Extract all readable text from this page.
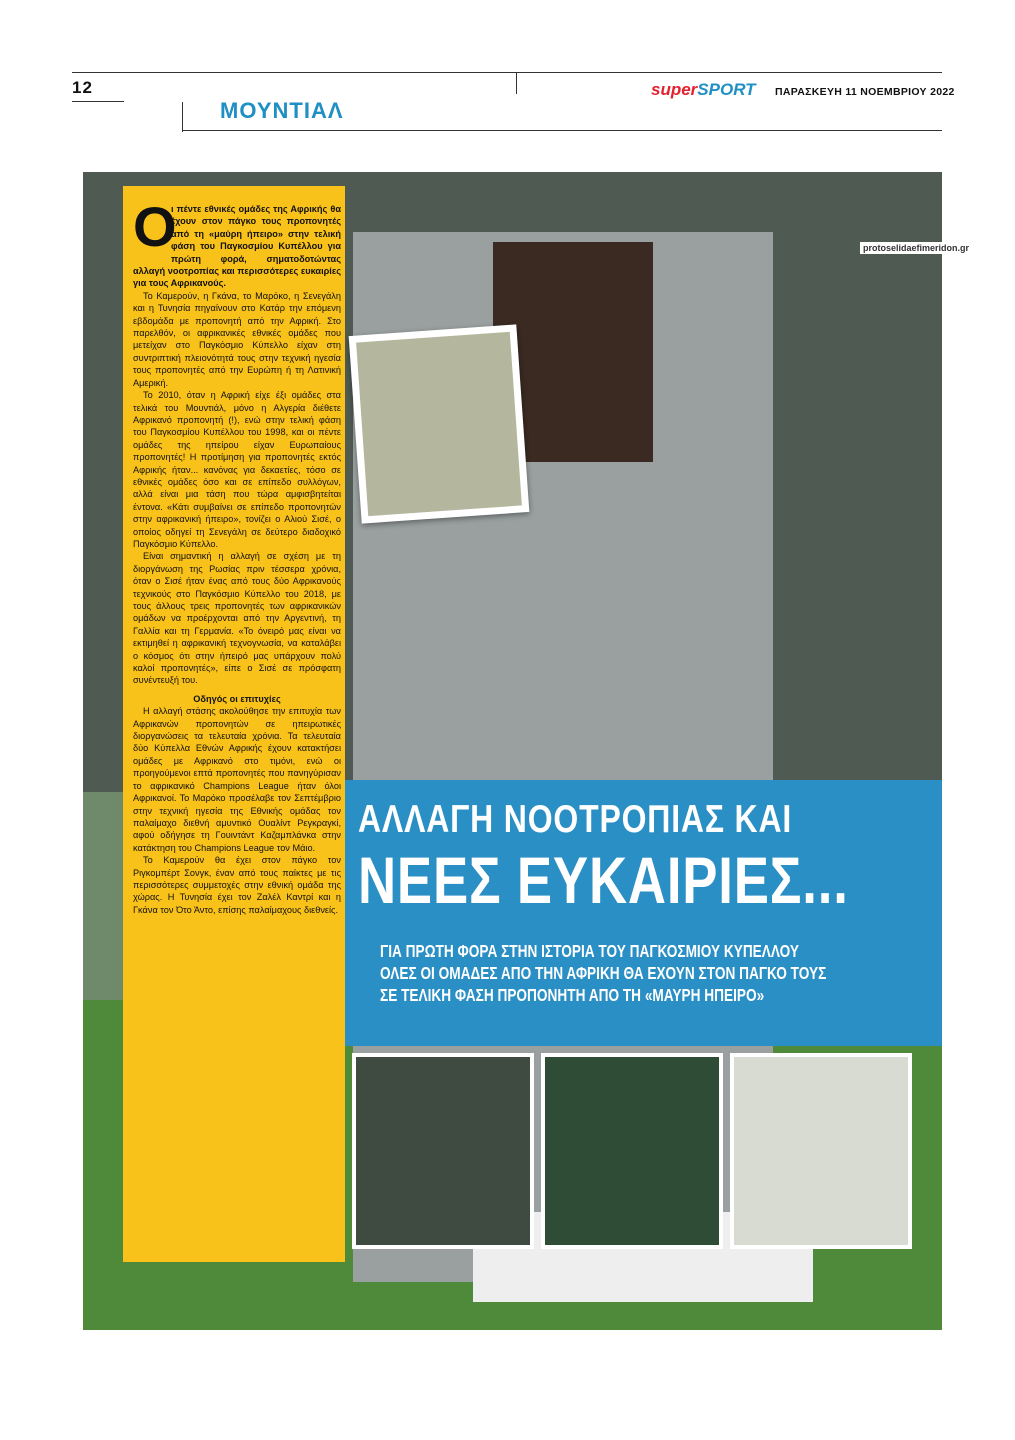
12	superSPORT ΠΑΡΑΣΚΕΥΗ 11 ΝΟΕΜΒΡΙΟΥ 2022
ΜΟΥΝΤΙΑΛ
protoselidaefimeridon.gr
Ο

ι πέντε εθνικές ομάδες της Αφρικής θα έχουν στον πάγκο τους προπονητές από τη «μαύρη ήπειρο» στην τελική φάση του Παγκοσμίου Κυπέλλου για πρώτη φορά, σηματοδοτώντας αλλαγή νοοτροπίας και περισσότερες ευκαιρίες για τους Αφρικανούς.

Το Καμερούν, η Γκάνα, το Μαρόκο, η Σενεγάλη και η Τυνησία πηγαίνουν στο Κατάρ την επόμενη εβδομάδα με προπονητή από την Αφρική. Στο παρελθόν, οι αφρικανικές εθνικές ομάδες που μετείχαν στο Παγκόσμιο Κύπελλο είχαν στη συντριπτική πλειονότητά τους στην τεχνική ηγεσία τους προπονητές από την Ευρώπη ή τη Λατινική Αμερική.

Το 2010, όταν η Αφρική είχε έξι ομάδες στα τελικά του Μουντιάλ, μόνο η Αλγερία διέθετε Αφρικανό προπονητή (!), ενώ στην τελική φάση του Παγκοσμίου Κυπέλλου του 1998, και οι πέντε ομάδες της ηπείρου είχαν Ευρωπαίους προπονητές! Η προτίμηση για προπονητές εκτός Αφρικής ήταν... κανόνας για δεκαετίες, τόσο σε εθνικές ομάδες όσο και σε επίπεδο συλλόγων, αλλά είναι μια τάση που τώρα αμφισβητείται έντονα. «Κάτι συμβαίνει σε επίπεδο προπονητών στην αφρικανική ήπειρο», τονίζει ο Αλιού Σισέ, ο οποίος οδηγεί τη Σενεγάλη σε δεύτερο διαδοχικό Παγκόσμιο Κύπελλο.

Είναι σημαντική η αλλαγή σε σχέση με τη διοργάνωση της Ρωσίας πριν τέσσερα χρόνια, όταν ο Σισέ ήταν ένας από τους δύο Αφρικανούς τεχνικούς στο Παγκόσμιο Κύπελλο του 2018, με τους άλλους τρεις προπονητές των αφρικανικών ομάδων να προέρχονται από την Αργεντινή, τη Γαλλία και τη Γερμανία. «Το όνειρό μας είναι να εκτιμηθεί η αφρικανική τεχνογνωσία, να καταλάβει ο κόσμος ότι στην ήπειρό μας υπάρχουν πολύ καλοί προπονητές», είπε ο Σισέ σε πρόσφατη συνέντευξή του.

Οδηγός οι επιτυχίες

Η αλλαγή στάσης ακολούθησε την επιτυχία των Αφρικανών προπονητών σε ηπειρωτικές διοργανώσεις τα τελευταία χρόνια. Τα τελευταία δύο Κύπελλα Εθνών Αφρικής έχουν κατακτήσει ομάδες με Αφρικανό στο τιμόνι, ενώ οι προηγούμενοι επτά προπονητές που πανηγύρισαν το αφρικανικό Champions League ήταν όλοι Αφρικανοί. Το Μαρόκο προσέλαβε τον Σεπτέμβριο στην τεχνική ηγεσία της Εθνικής ομάδας τον παλαίμαχο διεθνή αμυντικό Ουαλίντ Ρεγκραγκί, αφού οδήγησε τη Γουιντάντ Καζαμπλάνκα στην κατάκτηση του Champions League τον Μάιο.

Το Καμερούν θα έχει στον πάγκο τον Ριγκομπέρτ Σονγκ, έναν από τους παίκτες με τις περισσότερες συμμετοχές στην εθνική ομάδα της χώρας. Η Τυνησία έχει τον Ζαλέλ Καντρί και η Γκάνα τον Ότο Άντο, επίσης παλαίμαχους διεθνείς.

ΑΛΛΑΓΗ ΝΟΟΤΡΟΠΙΑΣ ΚΑΙ
ΝΕΕΣ ΕΥΚΑΙΡΙΕΣ...
ΓΙΑ ΠΡΩΤΗ ΦΟΡΑ ΣΤΗΝ ΙΣΤΟΡΙΑ ΤΟΥ ΠΑΓΚΟΣΜΙΟΥ ΚΥΠΕΛΛΟΥ
ΟΛΕΣ ΟΙ ΟΜΑΔΕΣ ΑΠΟ ΤΗΝ ΑΦΡΙΚΗ ΘΑ ΕΧΟΥΝ ΣΤΟΝ ΠΑΓΚΟ ΤΟΥΣ
ΣΕ ΤΕΛΙΚΗ ΦΑΣΗ ΠΡΟΠΟΝΗΤΗ ΑΠΟ ΤΗ «ΜΑΥΡΗ ΗΠΕΙΡΟ»
